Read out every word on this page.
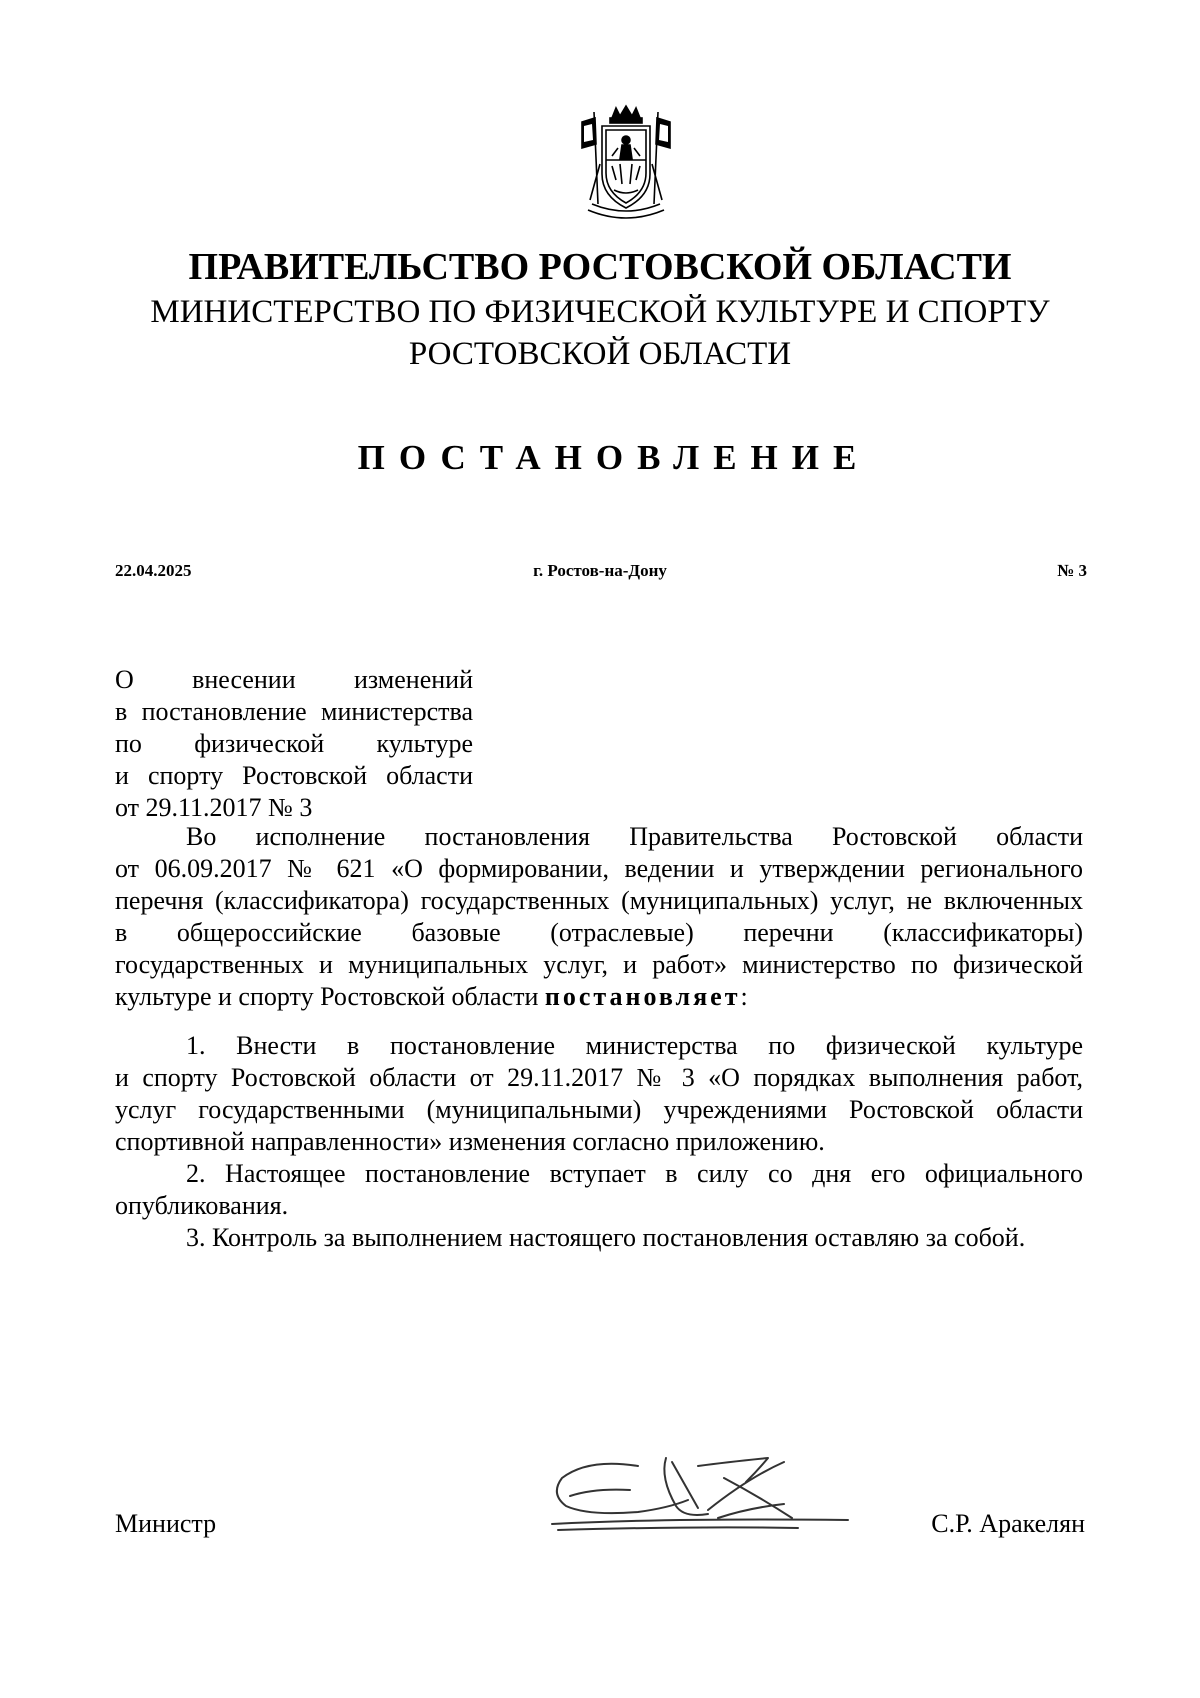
ПРАВИТЕЛЬСТВО РОСТОВСКОЙ ОБЛАСТИ
МИНИСТЕРСТВО ПО ФИЗИЧЕСКОЙ КУЛЬТУРЕ И СПОРТУ
РОСТОВСКОЙ ОБЛАСТИ
ПОСТАНОВЛЕНИЕ
22.04.2025	г. Ростов-на-Дону	№ 3
О внесении изменений
в постановление министерства
по физической культуре
и спорту Ростовской области
от 29.11.2017 № 3
Во исполнение постановления Правительства Ростовской области
от 06.09.2017 № 621 «О формировании, ведении и утверждении регионального
перечня (классификатора) государственных (муниципальных) услуг, не включенных
в общероссийские базовые (отраслевые) перечни (классификаторы)
государственных и муниципальных услуг, и работ» министерство по физической
культуре и спорту Ростовской области постановляет:
1. Внести в постановление министерства по физической культуре
и спорту Ростовской области от 29.11.2017 № 3 «О порядках выполнения работ,
услуг государственными (муниципальными) учреждениями Ростовской области
спортивной направленности» изменения согласно приложению.
2. Настоящее постановление вступает в силу со дня его официального
опубликования.
3. Контроль за выполнением настоящего постановления оставляю за собой.
Министр	С.Р. Аракелян
